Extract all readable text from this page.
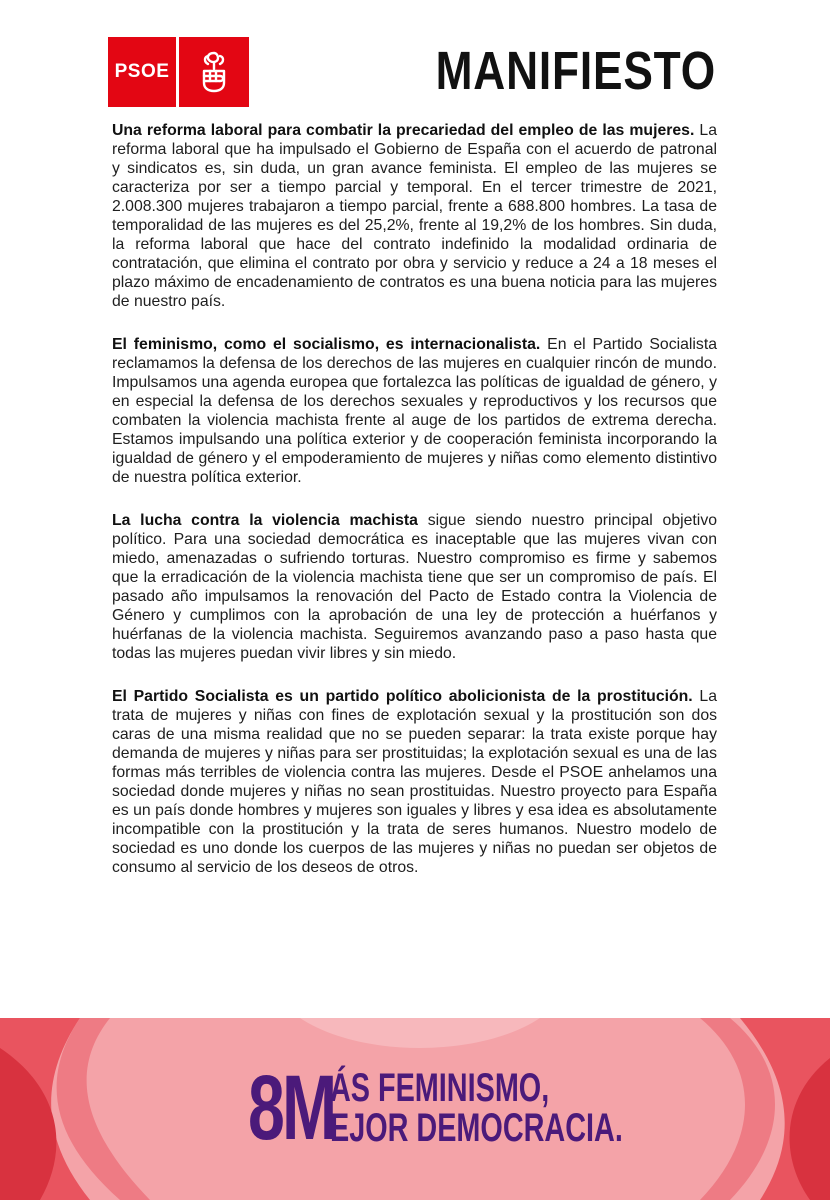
PSOE	MANIFIESTO

Una reforma laboral para combatir la precariedad del empleo de las mujeres. La reforma laboral que ha impulsado el Gobierno de España con el acuerdo de patronal y sindicatos es, sin duda, un gran avance feminista. El empleo de las mujeres se caracteriza por ser a tiempo parcial y temporal. En el tercer trimestre de 2021, 2.008.300 mujeres trabajaron a tiempo parcial, frente a 688.800 hombres. La tasa de temporalidad de las mujeres es del 25,2%, frente al 19,2% de los hombres. Sin duda, la reforma laboral que hace del contrato indefinido la modalidad ordinaria de contratación, que elimina el contrato por obra y servicio y reduce a 24 a 18 meses el plazo máximo de encadenamiento de contratos es una buena noticia para las mujeres de nuestro país.

El feminismo, como el socialismo, es internacionalista. En el Partido Socialista reclamamos la defensa de los derechos de las mujeres en cualquier rincón de mundo. Impulsamos una agenda europea que fortalezca las políticas de igualdad de género, y en especial la defensa de los derechos sexuales y reproductivos y los recursos que combaten la violencia machista frente al auge de los partidos de extrema derecha. Estamos impulsando una política exterior y de cooperación feminista incorporando la igualdad de género y el empoderamiento de mujeres y niñas como elemento distintivo de nuestra política exterior.

La lucha contra la violencia machista sigue siendo nuestro principal objetivo político. Para una sociedad democrática es inaceptable que las mujeres vivan con miedo, amenazadas o sufriendo torturas. Nuestro compromiso es firme y sabemos que la erradicación de la violencia machista tiene que ser un compromiso de país. El pasado año impulsamos la renovación del Pacto de Estado contra la Violencia de Género y cumplimos con la aprobación de una ley de protección a huérfanos y huérfanas de la violencia machista. Seguiremos avanzando paso a paso hasta que todas las mujeres puedan vivir libres y sin miedo.

El Partido Socialista es un partido político abolicionista de la prostitución. La trata de mujeres y niñas con fines de explotación sexual y la prostitución son dos caras de una misma realidad que no se pueden separar: la trata existe porque hay demanda de mujeres y niñas para ser prostituidas; la explotación sexual es una de las formas más terribles de violencia contra las mujeres. Desde el PSOE anhelamos una sociedad donde mujeres y niñas no sean prostituidas. Nuestro proyecto para España es un país donde hombres y mujeres son iguales y libres y esa idea es absolutamente incompatible con la prostitución y la trata de seres humanos. Nuestro modelo de sociedad es uno donde los cuerpos de las mujeres y niñas no puedan ser objetos de consumo al servicio de los deseos de otros.

8M
ÁS FEMINISMO,
EJOR DEMOCRACIA.
